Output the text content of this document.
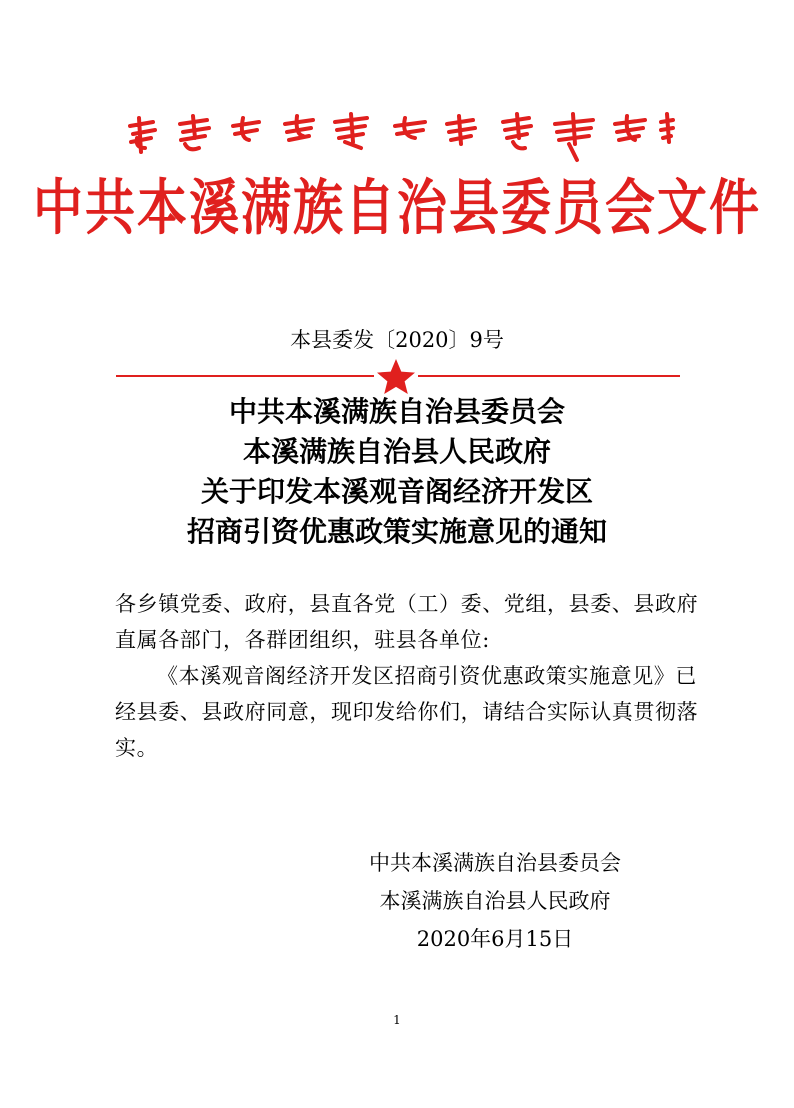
中共本溪满族自治县委员会文件
本县委发〔2020〕9号
中共本溪满族自治县委员会
本溪满族自治县人民政府
关于印发本溪观音阁经济开发区
招商引资优惠政策实施意见的通知

各乡镇党委、政府，县直各党（工）委、党组，县委、县政府直属各部门，各群团组织，驻县各单位:

《本溪观音阁经济开发区招商引资优惠政策实施意见》已经县委、县政府同意，现印发给你们，请结合实际认真贯彻落实。

中共本溪满族自治县委员会
本溪满族自治县人民政府
2020年6月15日
1
